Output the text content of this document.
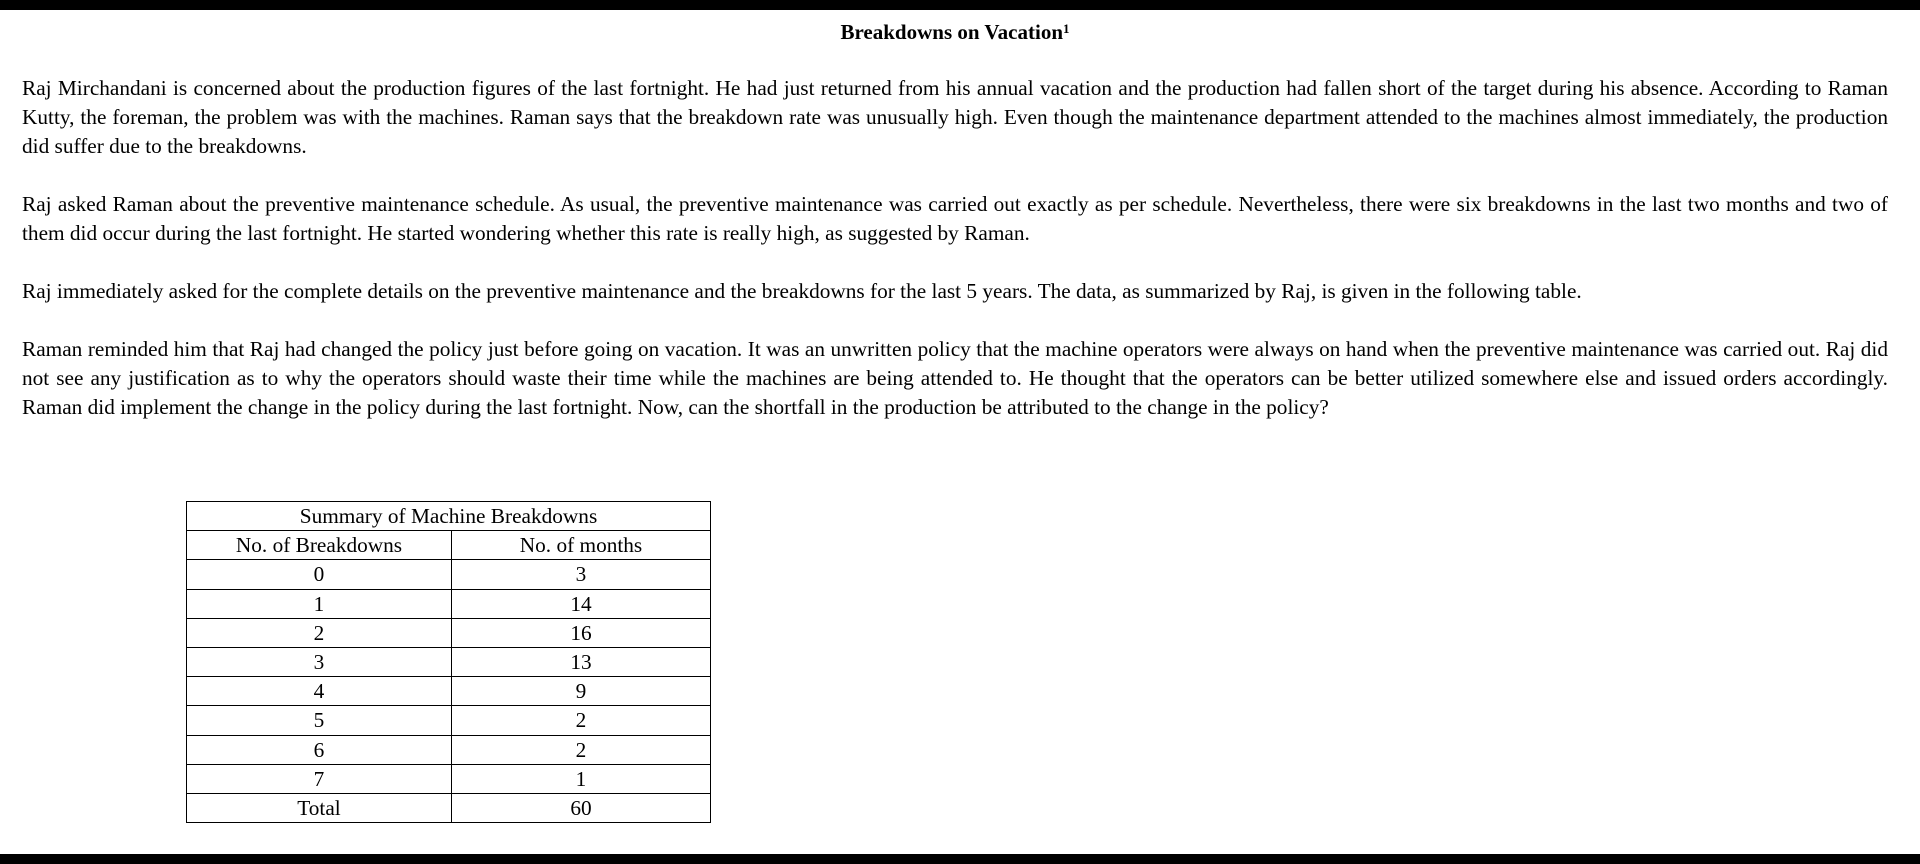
Breakdowns on Vacation$^1$

Raj Mirchandani is concerned about the production figures of the last fortnight. He had just returned from his annual vacation and the production had fallen short of the target during his absence. According to Raman Kutty, the foreman, the problem was with the machines. Raman says that the breakdown rate was unusually high. Even though the maintenance department attended to the machines almost immediately, the production did suffer due to the breakdowns.

Raj asked Raman about the preventive maintenance schedule. As usual, the preventive maintenance was carried out exactly as per schedule. Nevertheless, there were six breakdowns in the last two months and two of them did occur during the last fortnight. He started wondering whether this rate is really high, as suggested by Raman.

Raj immediately asked for the complete details on the preventive maintenance and the breakdowns for the last 5 years. The data, as summarized by Raj, is given in the following table.

Raman reminded him that Raj had changed the policy just before going on vacation. It was an unwritten policy that the machine operators were always on hand when the preventive maintenance was carried out. Raj did not see any justification as to why the operators should waste their time while the machines are being attended to. He thought that the operators can be better utilized somewhere else and issued orders accordingly. Raman did implement the change in the policy during the last fortnight. Now, can the shortfall in the production be attributed to the change in the policy?

Summary of Machine Breakdowns	
No. of Breakdowns	No. of months
0	3
1	14
2	16
3	13
4	9
5	2
6	2
7	1
Total	60
